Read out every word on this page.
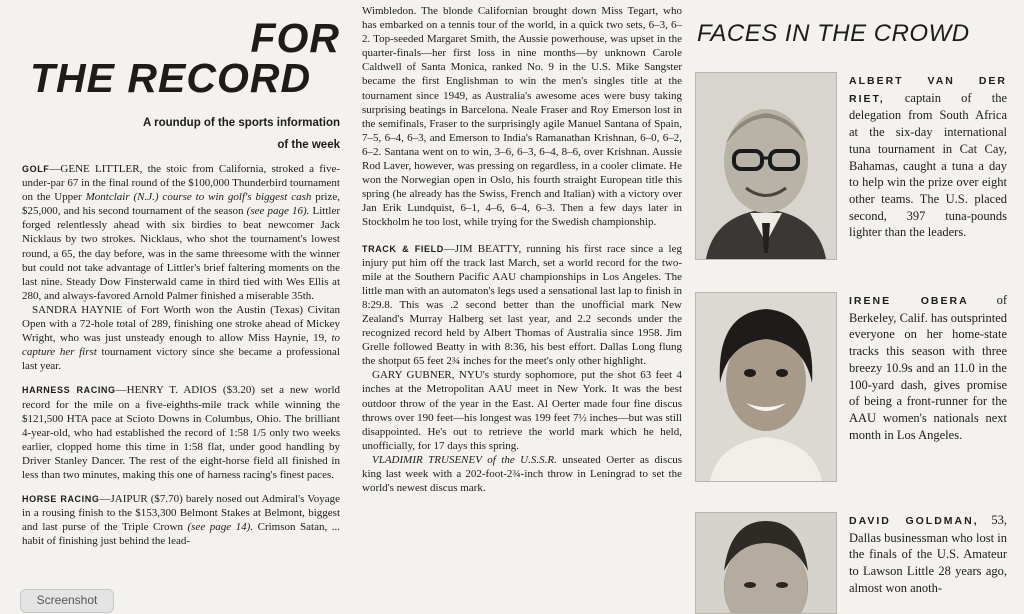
FOR
THE RECORD
A roundup of the sports information
of the week

GOLF—GENE LITTLER, the stoic from California, stroked a five-under-par 67 in the final round of the $100,000 Thunderbird tournament on the Upper Montclair (N.J.) course to win golf's biggest cash prize, $25,000, and his second tournament of the season (see page 16). Littler forged relentlessly ahead with six birdies to beat newcomer Jack Nicklaus by two strokes. Nicklaus, who shot the tournament's lowest round, a 65, the day before, was in the same threesome with the winner but could not take advantage of Littler's brief faltering moments on the last nine. Steady Dow Finsterwald came in third tied with Wes Ellis at 280, and always-favored Arnold Palmer finished a miserable 35th.

SANDRA HAYNIE of Fort Worth won the Austin (Texas) Civitan Open with a 72-hole total of 289, finishing one stroke ahead of Mickey Wright, who was just unsteady enough to allow Miss Haynie, 19, to capture her first tournament victory since she became a professional last year.

HARNESS RACING—HENRY T. ADIOS ($3.20) set a new world record for the mile on a five-eighths-mile track while winning the $121,500 HTA pace at Scioto Downs in Columbus, Ohio. The brilliant 4-year-old, who had established the record of 1:58 1/5 only two weeks earlier, clopped home this time in 1:58 flat, under good handling by Driver Stanley Dancer. The rest of the eight-horse field all finished in less than two minutes, making this one of harness racing's finest paces.

HORSE RACING—JAIPUR ($7.70) barely nosed out Admiral's Voyage in a rousing finish to the $153,300 Belmont Stakes at Belmont, biggest and last purse of the Triple Crown (see page 14). Crimson Satan, ... habit of finishing just behind the lead-

Wimbledon. The blonde Californian brought down Miss Tegart, who has embarked on a tennis tour of the world, in a quick two sets, 6–3, 6–2. Top-seeded Margaret Smith, the Aussie powerhouse, was upset in the quarter-finals—her first loss in nine months—by unknown Carole Caldwell of Santa Monica, ranked No. 9 in the U.S. Mike Sangster became the first Englishman to win the men's singles title at the tournament since 1949, as Australia's awesome aces were busy taking surprising beatings in Barcelona. Neale Fraser and Roy Emerson lost in the semifinals, Fraser to the surprisingly agile Manuel Santana of Spain, 7–5, 6–4, 6–3, and Emerson to India's Ramanathan Krishnan, 6–0, 6–2, 6–2. Santana went on to win, 3–6, 6–3, 6–4, 8–6, over Krishnan. Aussie Rod Laver, however, was pressing on regardless, in a cooler climate. He won the Norwegian open in Oslo, his fourth straight European title this spring (he already has the Swiss, French and Italian) with a victory over Jan Erik Lundquist, 6–1, 4–6, 6–4, 6–3. Then a few days later in Stockholm he too lost, while trying for the Swedish championship.

TRACK & FIELD—JIM BEATTY, running his first race since a leg injury put him off the track last March, set a world record for the two-mile at the Southern Pacific AAU championships in Los Angeles. The little man with an automaton's legs used a sensational last lap to finish in 8:29.8. This was .2 second better than the unofficial mark New Zealand's Murray Halberg set last year, and 2.2 seconds under the recognized record held by Albert Thomas of Australia since 1958. Jim Grelle followed Beatty in with 8:36, his best effort. Dallas Long flung the shotput 65 feet 2¾ inches for the meet's only other highlight.

GARY GUBNER, NYU's sturdy sophomore, put the shot 63 feet 4 inches at the Metropolitan AAU meet in New York. It was the best outdoor throw of the year in the East. Al Oerter made four fine discus throws over 190 feet—his longest was 199 feet 7½ inches—but was still disappointed. He's out to retrieve the world mark which he held, unofficially, for 17 days this spring.

VLADIMIR TRUSENEV of the U.S.S.R. unseated Oerter as discus king last week with a 202-foot-2¾-inch throw in Leningrad to set the world's newest discus mark.

FACES IN THE CROWD
ALBERT VAN DER RIET, captain of the delegation from South Africa at the six-day international tuna tournament in Cat Cay, Bahamas, caught a tuna a day to help win the prize over eight other teams. The U.S. placed second, 397 tuna-pounds lighter than the leaders.
IRENE OBERA of Berkeley, Calif. has outsprinted everyone on her home-state tracks this season with three breezy 10.9s and an 11.0 in the 100-yard dash, gives promise of being a front-runner for the AAU women's nationals next month in Los Angeles.
DAVID GOLDMAN, 53, Dallas businessman who lost in the finals of the U.S. Amateur to Lawson Little 28 years ago, almost won anoth-
Screenshot
